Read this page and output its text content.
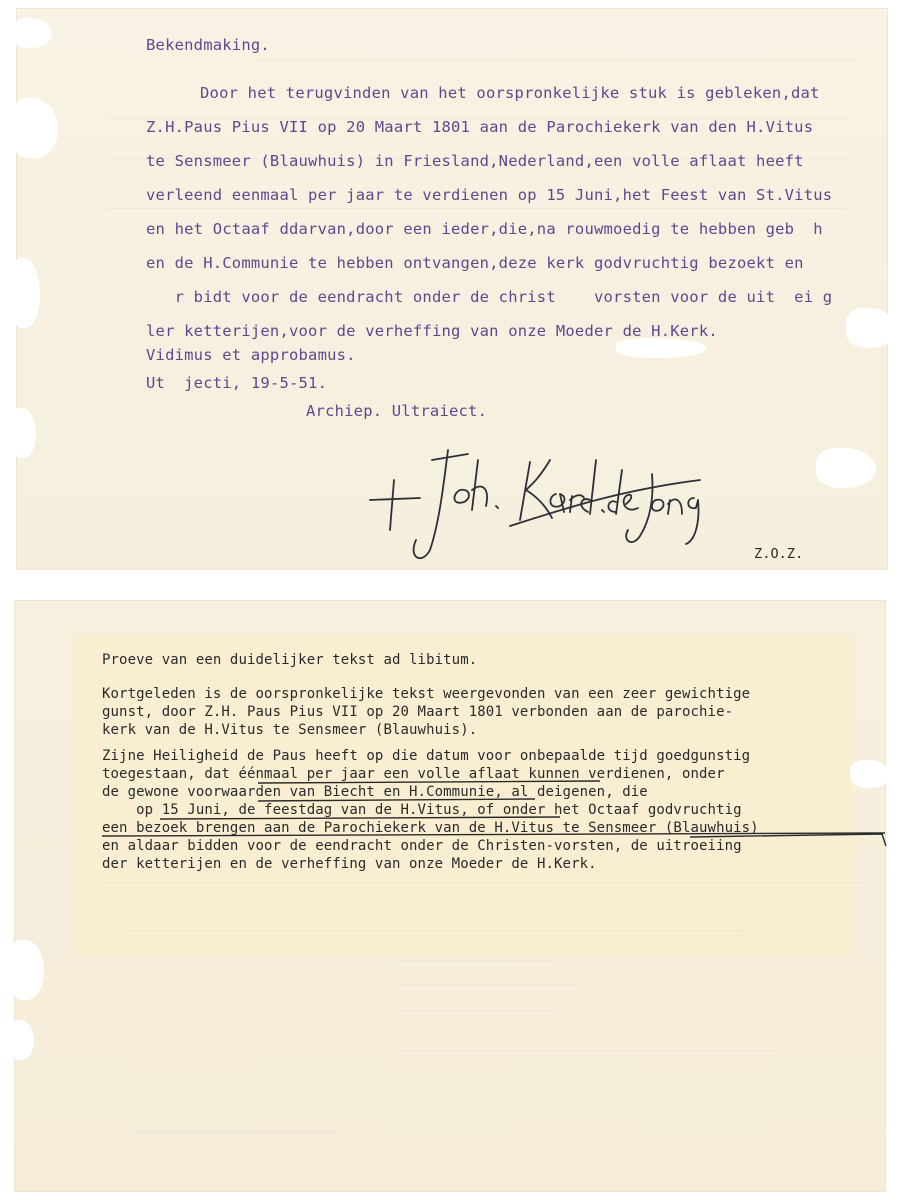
Bekendmaking.
Door het terugvinden van het oorspronkelijke stuk is gebleken,dat
Z.H.Paus Pius VII op 20 Maart 1801 aan de Parochiekerk van den H.Vitus
te Sensmeer (Blauwhuis) in Friesland,Nederland,een volle aflaat heeft
verleend eenmaal per jaar te verdienen op 15 Juni,het Feest van St.Vitus
en het Octaaf ddarvan,door een ieder,die,na rouwmoedig te hebben geb  h
en de H.Communie te hebben ontvangen,deze kerk godvruchtig bezoekt en
r bidt voor de eendracht onder de christ    vorsten voor de uit  ei g
ler ketterijen,voor de verheffing van onze Moeder de H.Kerk.
Vidimus et approbamus.
Ut  jecti, 19-5-51.
Archiep. Ultraiect.
Z.O.Z.
Proeve van een duidelijker tekst ad libitum.
Kortgeleden is de oorspronkelijke tekst weergevonden van een zeer gewichtige
gunst, door Z.H. Paus Pius VII op 20 Maart 1801 verbonden aan de parochie-
kerk van de H.Vitus te Sensmeer (Blauwhuis).
Zijne Heiligheid de Paus heeft op die datum voor onbepaalde tijd goedgunstig
toegestaan, dat éénmaal per jaar een volle aflaat kunnen verdienen, onder
de gewone voorwaarden van Biecht en H.Communie, al deigenen, die
op 15 Juni, de feestdag van de H.Vitus, of onder het Octaaf godvruchtig
een bezoek brengen aan de Parochiekerk van de H.Vitus te Sensmeer (Blauwhuis)
en aldaar bidden voor de eendracht onder de Christen-vorsten, de uitroeiing
der ketterijen en de verheffing van onze Moeder de H.Kerk.
